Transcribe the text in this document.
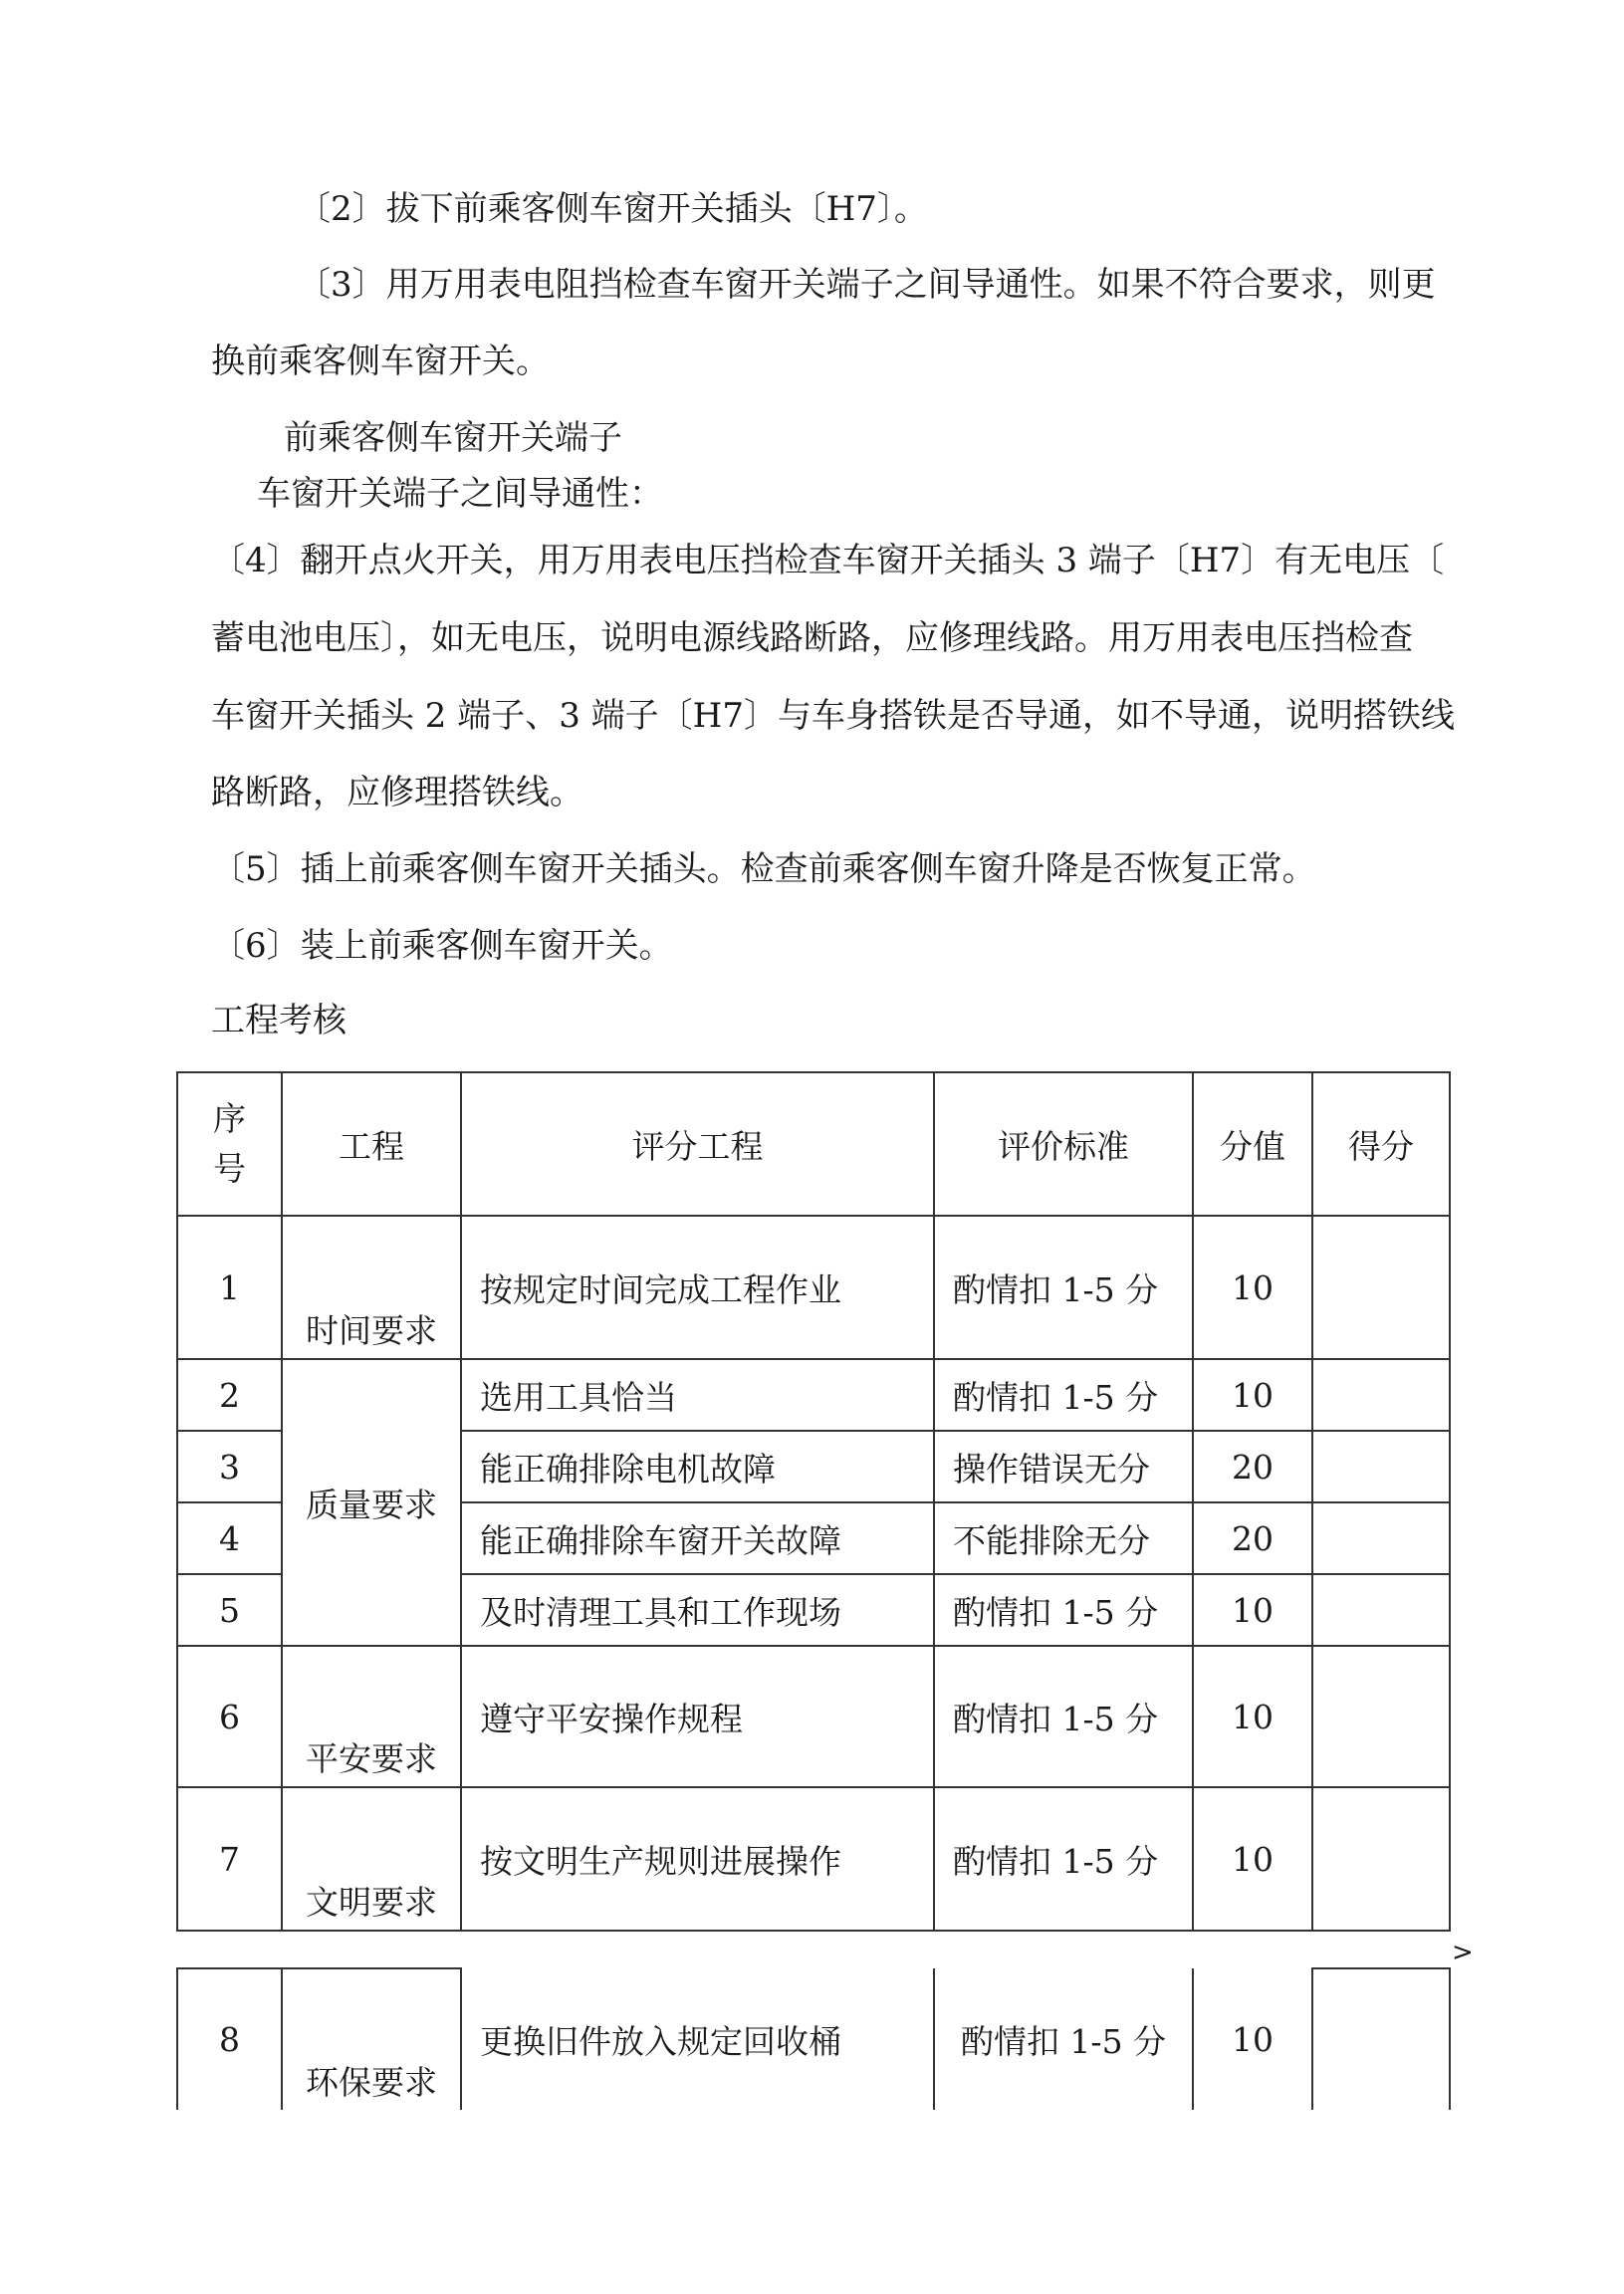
〔2〕拔下前乘客侧车窗开关插头〔H7〕。
〔3〕用万用表电阻挡检查车窗开关端子之间导通性。如果不符合要求，则更
换前乘客侧车窗开关。
前乘客侧车窗开关端子
车窗开关端子之间导通性：
〔4〕翻开点火开关，用万用表电压挡检查车窗开关插头 3 端子〔H7〕有无电压〔
蓄电池电压〕，如无电压，说明电源线路断路，应修理线路。用万用表电压挡检查
车窗开关插头 2 端子、3 端子〔H7〕与车身搭铁是否导通，如不导通，说明搭铁线
路断路，应修理搭铁线。
〔5〕插上前乘客侧车窗开关插头。检查前乘客侧车窗升降是否恢复正常。
〔6〕装上前乘客侧车窗开关。
工程考核
序
号	工程	评分工程	评价标准	分值	得分
1	时间要求	按规定时间完成工程作业	酌情扣 1-5 分	10	
2	质量要求	选用工具恰当	酌情扣 1-5 分	10	
3		能正确排除电机故障	操作错误无分	20	
4		能正确排除车窗开关故障	不能排除无分	20	
5		及时清理工具和工作现场	酌情扣 1-5 分	10	
6	平安要求	遵守平安操作规程	酌情扣 1-5 分	10	
7	文明要求	按文明生产规则进展操作	酌情扣 1-5 分	10	
>
8	环保要求	更换旧件放入规定回收桶	酌情扣 1-5 分	10	
